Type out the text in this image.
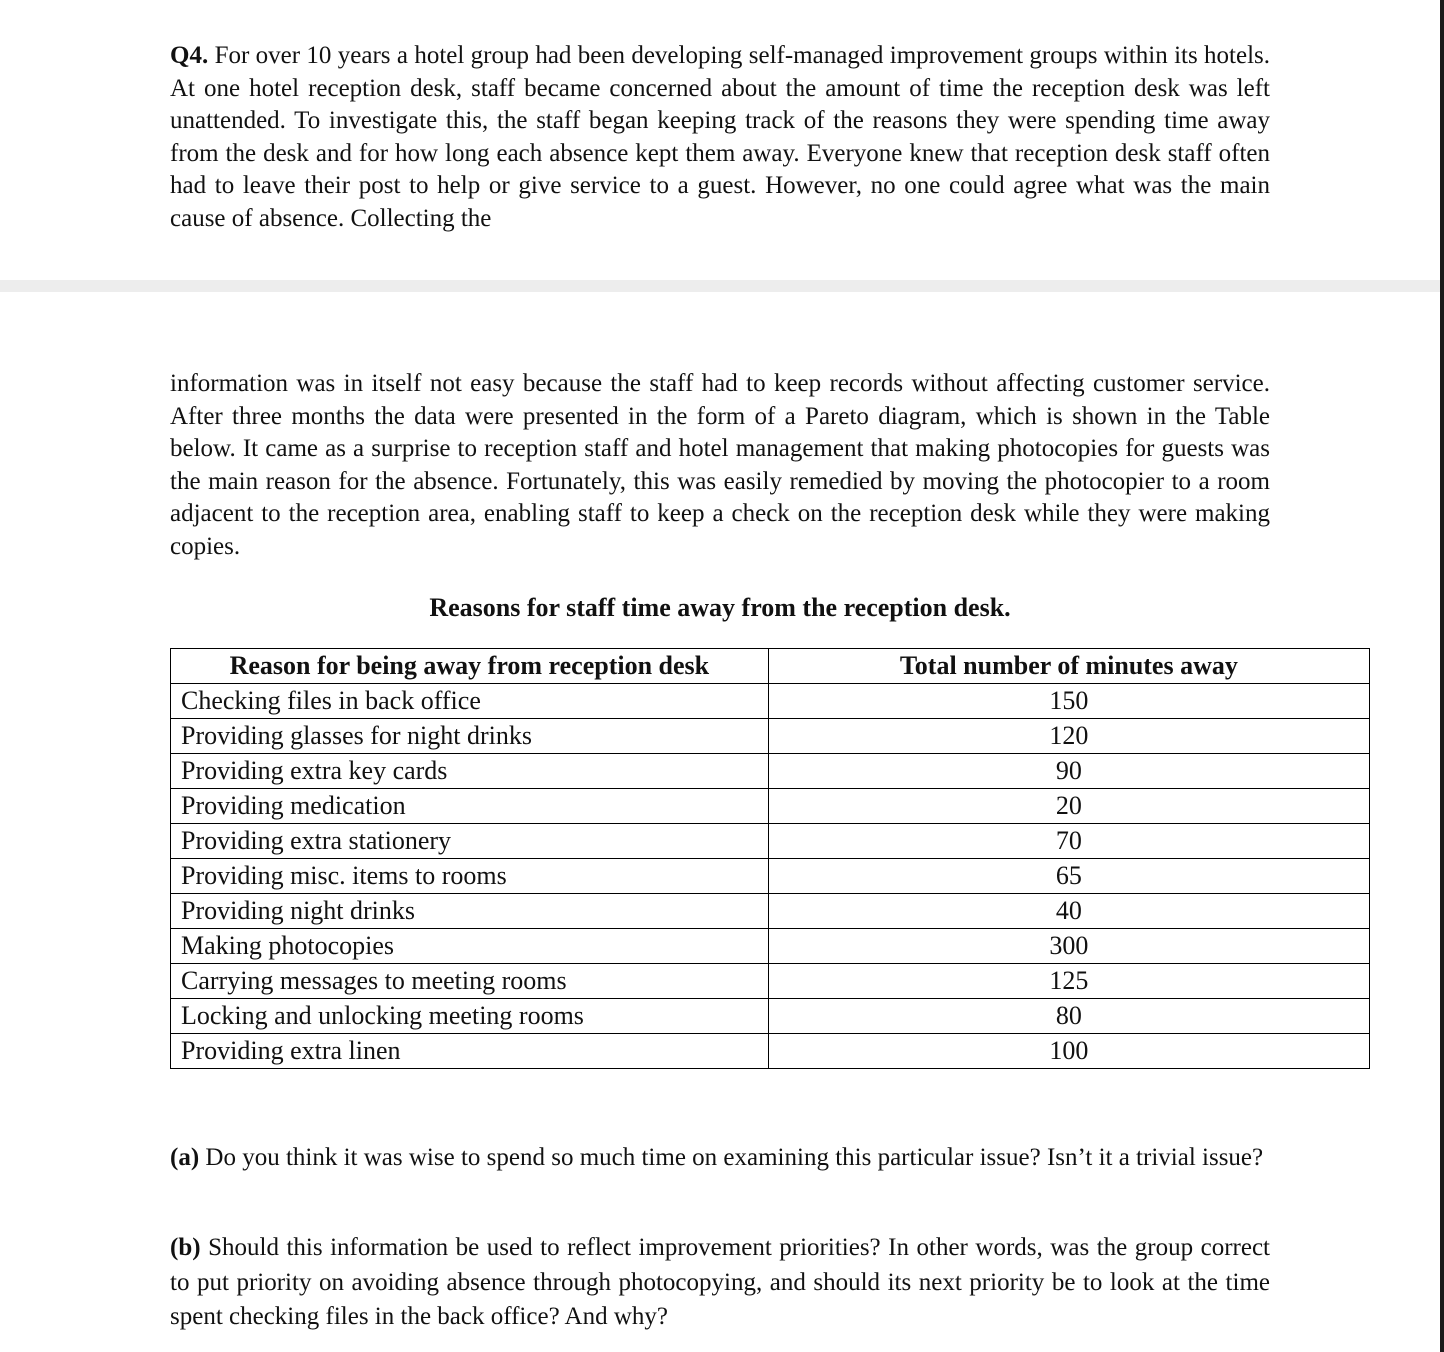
Q4. For over 10 years a hotel group had been developing self-managed improvement groups within its hotels. At one hotel reception desk, staff became concerned about the amount of time the reception desk was left unattended. To investigate this, the staff began keeping track of the reasons they were spending time away from the desk and for how long each absence kept them away. Everyone knew that reception desk staff often had to leave their post to help or give service to a guest. However, no one could agree what was the main cause of absence. Collecting the

information was in itself not easy because the staff had to keep records without affecting customer service. After three months the data were presented in the form of a Pareto diagram, which is shown in the Table below. It came as a surprise to reception staff and hotel management that making photocopies for guests was the main reason for the absence. Fortunately, this was easily remedied by moving the photocopier to a room adjacent to the reception area, enabling staff to keep a check on the reception desk while they were making copies.

Reasons for staff time away from the reception desk.

Reason for being away from reception desk	Total number of minutes away
Checking files in back office	150
Providing glasses for night drinks	120
Providing extra key cards	90
Providing medication	20
Providing extra stationery	70
Providing misc. items to rooms	65
Providing night drinks	40
Making photocopies	300
Carrying messages to meeting rooms	125
Locking and unlocking meeting rooms	80
Providing extra linen	100

(a) Do you think it was wise to spend so much time on examining this particular issue? Isn’t it a trivial issue?

(b) Should this information be used to reflect improvement priorities? In other words, was the group correct to put priority on avoiding absence through photocopying, and should its next priority be to look at the time spent checking files in the back office? And why?
